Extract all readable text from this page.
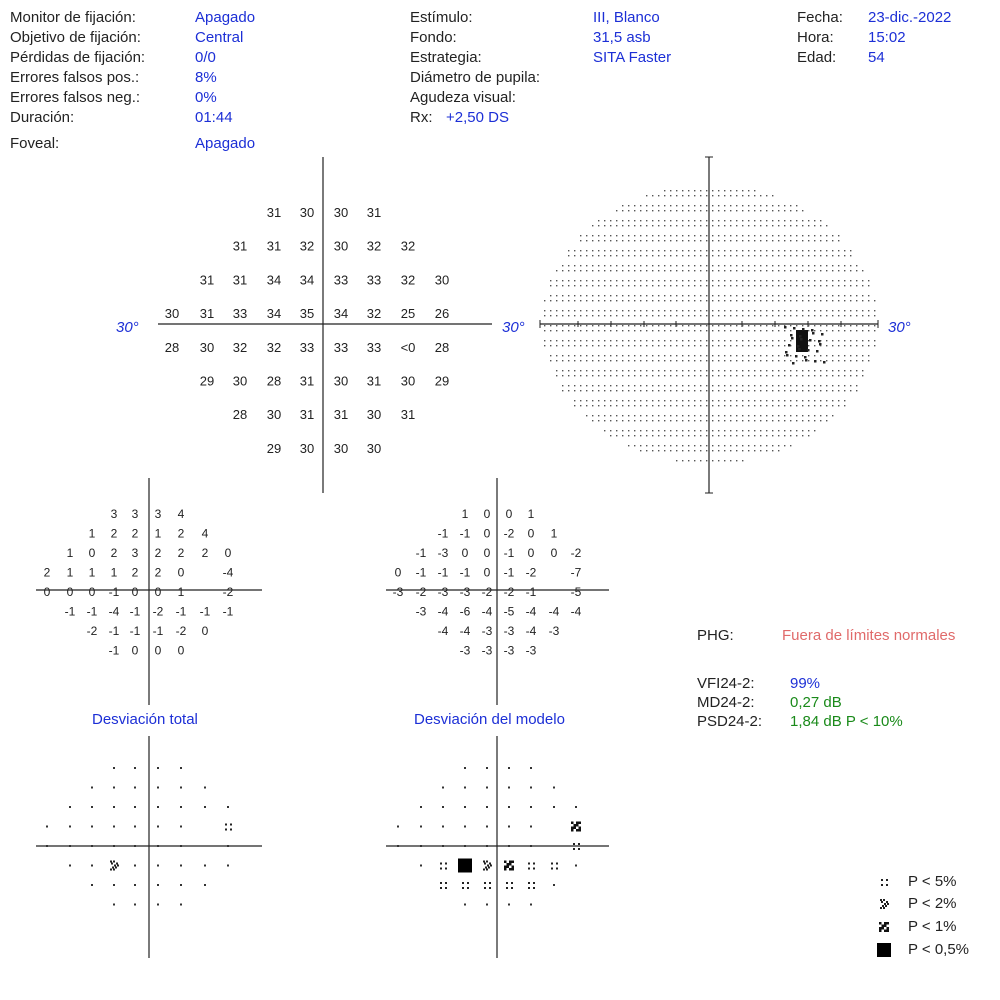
Monitor de fijación:	Apagado
Objetivo de fijación:	Central
Pérdidas de fijación:	0/0
Errores falsos pos.:	8%
Errores falsos neg.:	0%
Duración:	01:44
Foveal:	Apagado
Estímulo:	III, Blanco
Fondo:	31,5 asb
Estrategia:	SITA Faster
Diámetro de pupila:
Agudeza visual:
Rx: +2,50 DS
Fecha: 23-dic.-2022
Hora: 15:02
Edad: 54
31 30 30 31
31 31 32 30 32 32
31 31 34 34 33 33 32 30
30 31 33 34 35 34 32 25 26
28 30 32 32 33 33 33 <0 28
29 30 28 31 30 31 30 29
28 30 31 31 30 31
29 30 30 30
3 3 3 4
1 2 2 1 2 4
1 0 2 3 2 2 2 0
2 1 1 1 2 2 0	-4
0 0 0 -1 0 0 1	-2
-1 -1 -4 -1 -2 -1 -1 -1
-2 -1 -1 -1 -2 0
-1 0 0 0
1 0 0 1
-1 -1 0 -2 0 1
-1 -3 0 0 -1 0 0 -2
0 -1 -1 -1 0 -1 -2	-7
-3 -2 -3 -3 -2 -2 -1	-5
-3 -4 -6 -4 -5 -4 -4 -4
-4 -4 -3 -3 -4 -3
-3 -3 -3 -3
30°	30°	30°
Desviación total	Desviación del modelo
PHG:	Fuera de límites normales
VFI24-2: 99%
MD24-2: 0,27 dB
PSD24-2: 1,84 dB P < 10%
P < 5%
P < 2%
P < 1%
P < 0,5%
